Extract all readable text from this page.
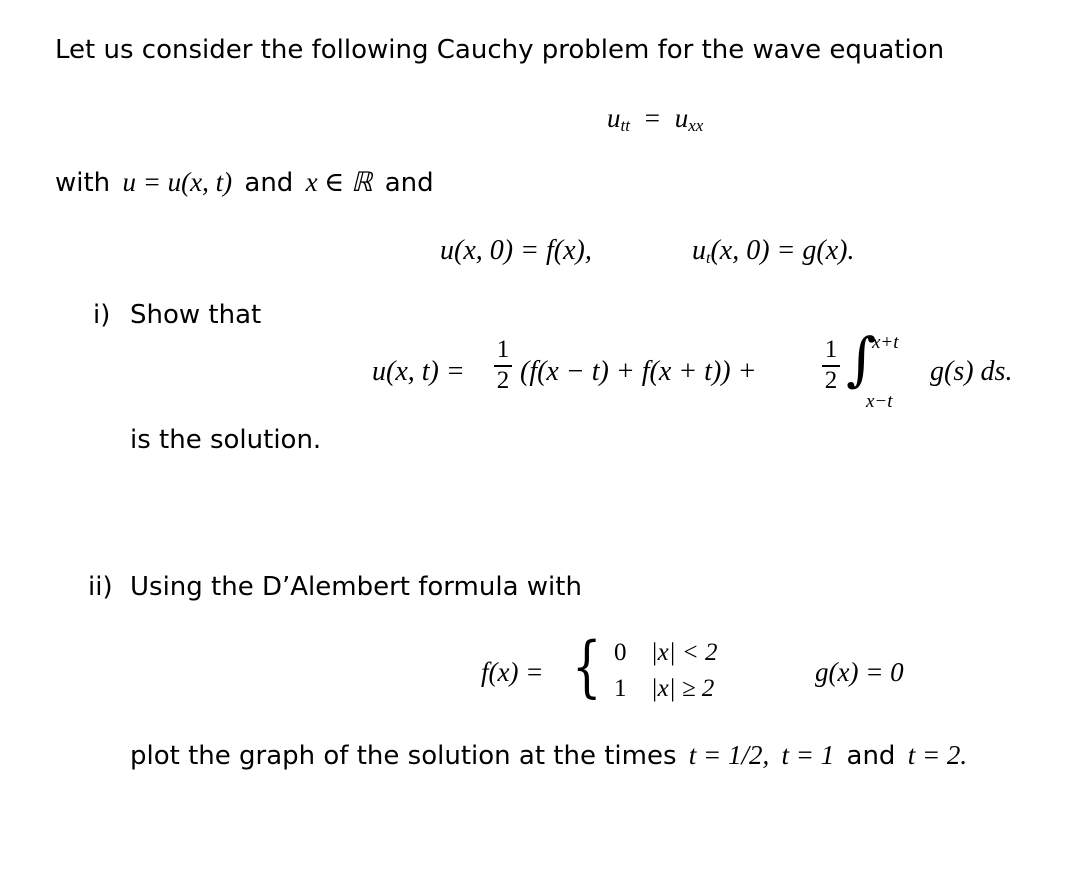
Let us consider the following Cauchy problem for the wave equation
utt = uxx
with u = u(x, t) and x ∈ ℝ and
u(x, 0) = f(x),	ut(x, 0) = g(x).
i) Show that
u(x, t) =
1
2 (f(x − t) + f(x + t)) +
1
2 ∫
x+t
x−t
g(s) ds.
is the solution.
ii) Using the D’Alembert formula with
f(x) = { 0 |x| < 2
1 |x| ≥ 2
g(x) = 0
plot the graph of the solution at the times t = 1/2, t = 1 and t = 2.
